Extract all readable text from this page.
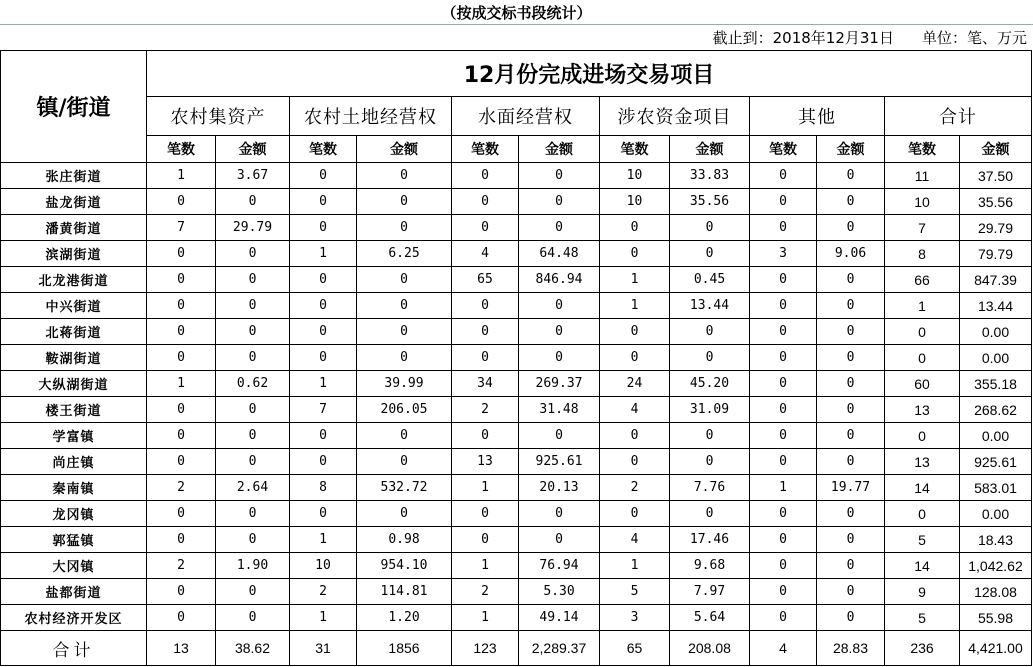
（按成交标书段统计）
截止到：2018年12月31日 单位：笔、万元
镇/街道	12月份完成进场交易项目											
	农村集资产		农村土地经营权		水面经营权		涉农资金项目		其他		合计	
	笔数	金额	笔数	金额	笔数	金额	笔数	金额	笔数	金额	笔数	金额
张庄街道	1	3.67	0	0	0	0	10	33.83	0	0	11	37.50
盐龙街道	0	0	0	0	0	0	10	35.56	0	0	10	35.56
潘黄街道	7	29.79	0	0	0	0	0	0	0	0	7	29.79
滨湖街道	0	0	1	6.25	4	64.48	0	0	3	9.06	8	79.79
北龙港街道	0	0	0	0	65	846.94	1	0.45	0	0	66	847.39
中兴街道	0	0	0	0	0	0	1	13.44	0	0	1	13.44
北蒋街道	0	0	0	0	0	0	0	0	0	0	0	0.00
鞍湖街道	0	0	0	0	0	0	0	0	0	0	0	0.00
大纵湖街道	1	0.62	1	39.99	34	269.37	24	45.20	0	0	60	355.18
楼王街道	0	0	7	206.05	2	31.48	4	31.09	0	0	13	268.62
学富镇	0	0	0	0	0	0	0	0	0	0	0	0.00
尚庄镇	0	0	0	0	13	925.61	0	0	0	0	13	925.61
秦南镇	2	2.64	8	532.72	1	20.13	2	7.76	1	19.77	14	583.01
龙冈镇	0	0	0	0	0	0	0	0	0	0	0	0.00
郭猛镇	0	0	1	0.98	0	0	4	17.46	0	0	5	18.43
大冈镇	2	1.90	10	954.10	1	76.94	1	9.68	0	0	14	1,042.62
盐都街道	0	0	2	114.81	2	5.30	5	7.97	0	0	9	128.08
农村经济开发区	0	0	1	1.20	1	49.14	3	5.64	0	0	5	55.98
合计	13	38.62	31	1856	123	2,289.37	65	208.08	4	28.83	236	4,421.00
